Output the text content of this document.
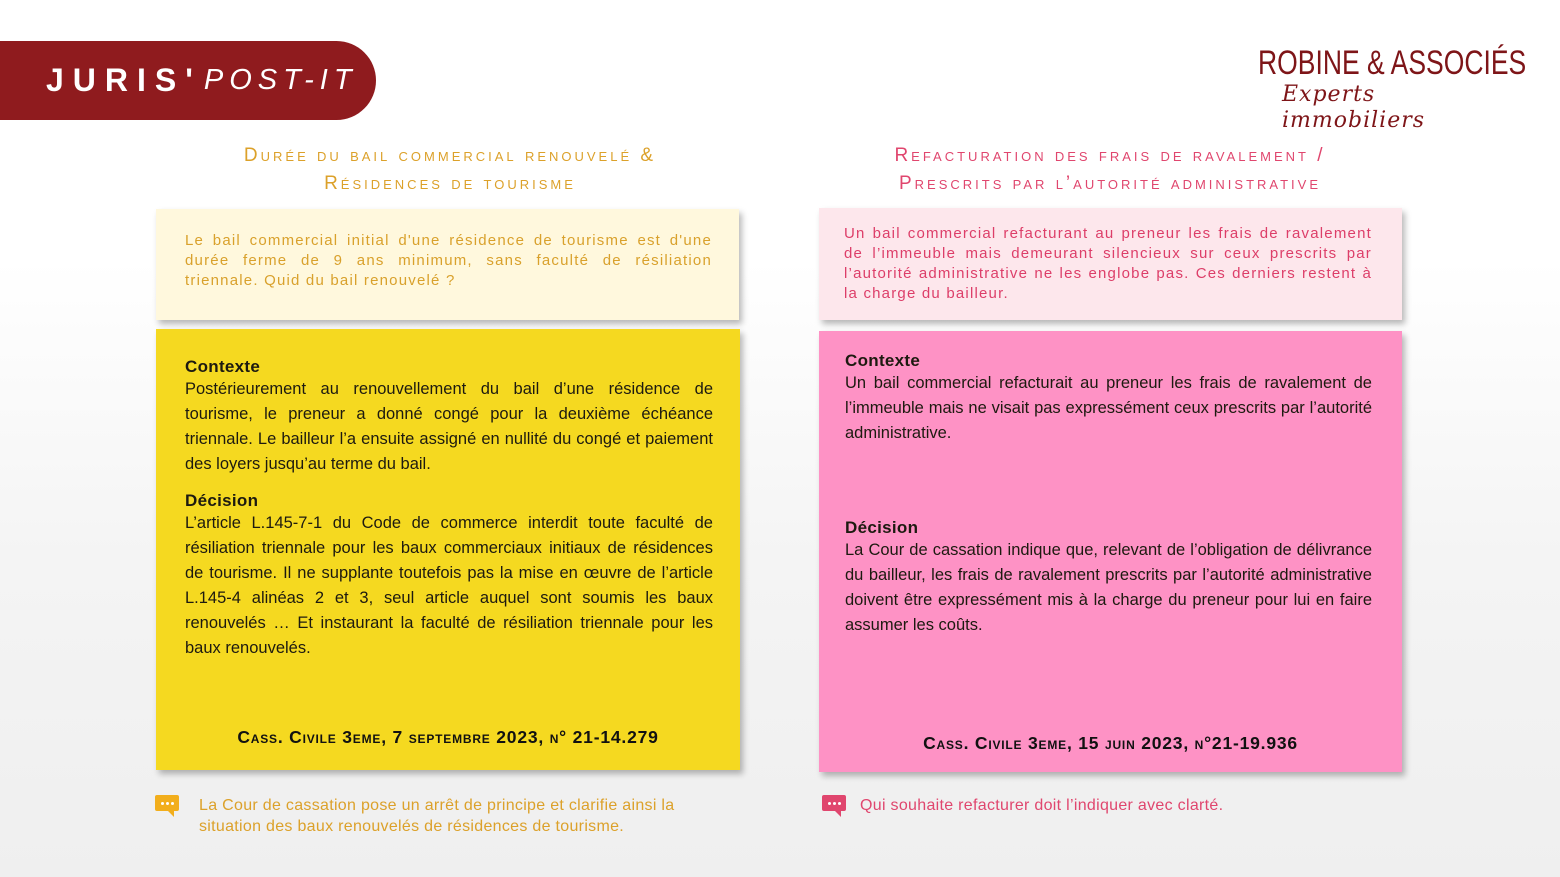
JURIS' POST-IT	ROBINE & ASSOCIÉS
Experts immobiliers
Durée du bail commercial renouvelé &
Résidences de tourisme
Le bail commercial initial d'une résidence de tourisme est d'une durée ferme de 9 ans minimum, sans faculté de résiliation triennale. Quid du bail renouvelé ?
Contexte
Postérieurement au renouvellement du bail d’une résidence de tourisme, le preneur a donné congé pour la deuxième échéance triennale. Le bailleur l’a ensuite assigné en nullité du congé et paiement des loyers jusqu’au terme du bail.
Décision
L’article L.145-7-1 du Code de commerce interdit toute faculté de résiliation triennale pour les baux commerciaux initiaux de résidences de tourisme. Il ne supplante toutefois pas la mise en œuvre de l’article L.145-4 alinéas 2 et 3, seul article auquel sont soumis les baux renouvelés … Et instaurant la faculté de résiliation triennale pour les baux renouvelés.
Cass. Civile 3eme, 7 septembre 2023, n° 21-14.279
La Cour de cassation pose un arrêt de principe et clarifie ainsi la situation des baux renouvelés de résidences de tourisme.
Refacturation des frais de ravalement /
Prescrits par l’autorité administrative
Un bail commercial refacturant au preneur les frais de ravalement de l’immeuble mais demeurant silencieux sur ceux prescrits par l’autorité administrative ne les englobe pas. Ces derniers restent à la charge du bailleur.
Contexte
Un bail commercial refacturait au preneur les frais de ravalement de l’immeuble mais ne visait pas expressément ceux prescrits par l’autorité administrative.
Décision
La Cour de cassation indique que, relevant de l’obligation de délivrance du bailleur, les frais de ravalement prescrits par l’autorité administrative doivent être expressément mis à la charge du preneur pour lui en faire assumer les coûts.
Cass. Civile 3eme, 15 juin 2023, n°21-19.936
Qui souhaite refacturer doit l’indiquer avec clarté.
